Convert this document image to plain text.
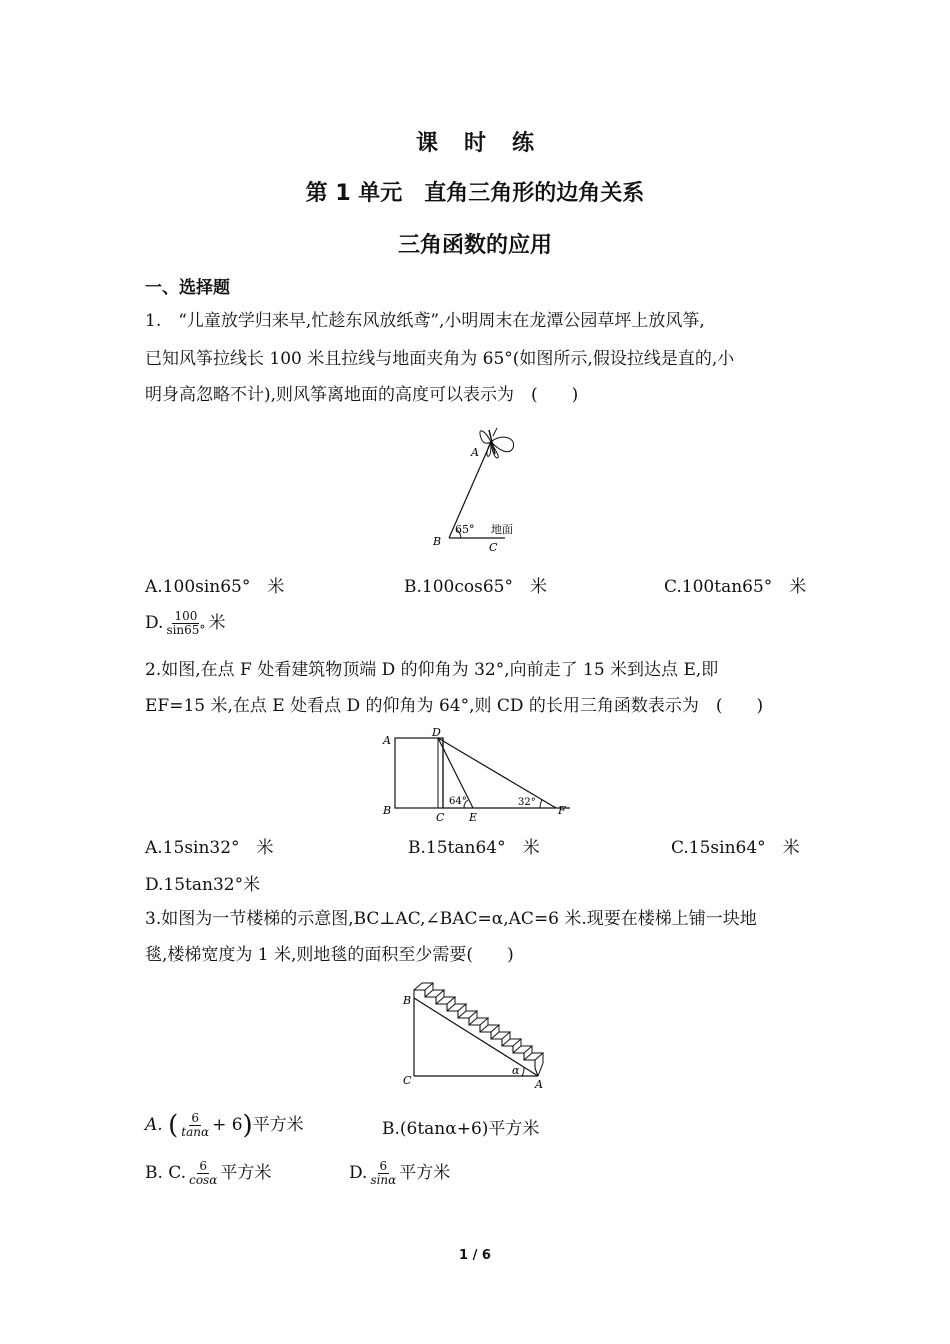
课时练
第 1 单元　直角三角形的边角关系
三角函数的应用
一、选择题
1.　“儿童放学归来早,忙趁东风放纸鸢”,小明周末在龙潭公园草坪上放风筝,
已知风筝拉线长 100 米且拉线与地面夹角为 65°(如图所示,假设拉线是直的,小
明身高忽略不计),则风筝离地面的高度可以表示为　(　　)
A
B	C
65° 地面
A.100sin65°　米	B.100cos65°　米	C.100tan65°　米
D. $\frac{100}{\sin 65^\circ}$ 米
2.如图,在点 F 处看建筑物顶端 D 的仰角为 32°,向前走了 15 米到达点 E,即
EF=15 米,在点 E 处看点 D 的仰角为 64°,则 CD 的长用三角函数表示为　(　　)
A
D
B
C E
F
64°	32°
A.15sin32°　米	B.15tan64°　米	C.15sin64°　米
D.15tan32°米
3.如图为一节楼梯的示意图,BC⊥AC,∠BAC=α,AC=6 米.现要在楼梯上铺一块地
毯,楼梯宽度为 1 米,则地毯的面积至少需要(　　)
B
C	A
α
A. ( $\frac{6}{\tan\alpha} + 6$)平方米	B.(6tanα+6)平方米
B. C. $\frac{6}{\cos\alpha}$ 平方米	D. $\frac{6}{\sin\alpha}$ 平方米
1 / 6
